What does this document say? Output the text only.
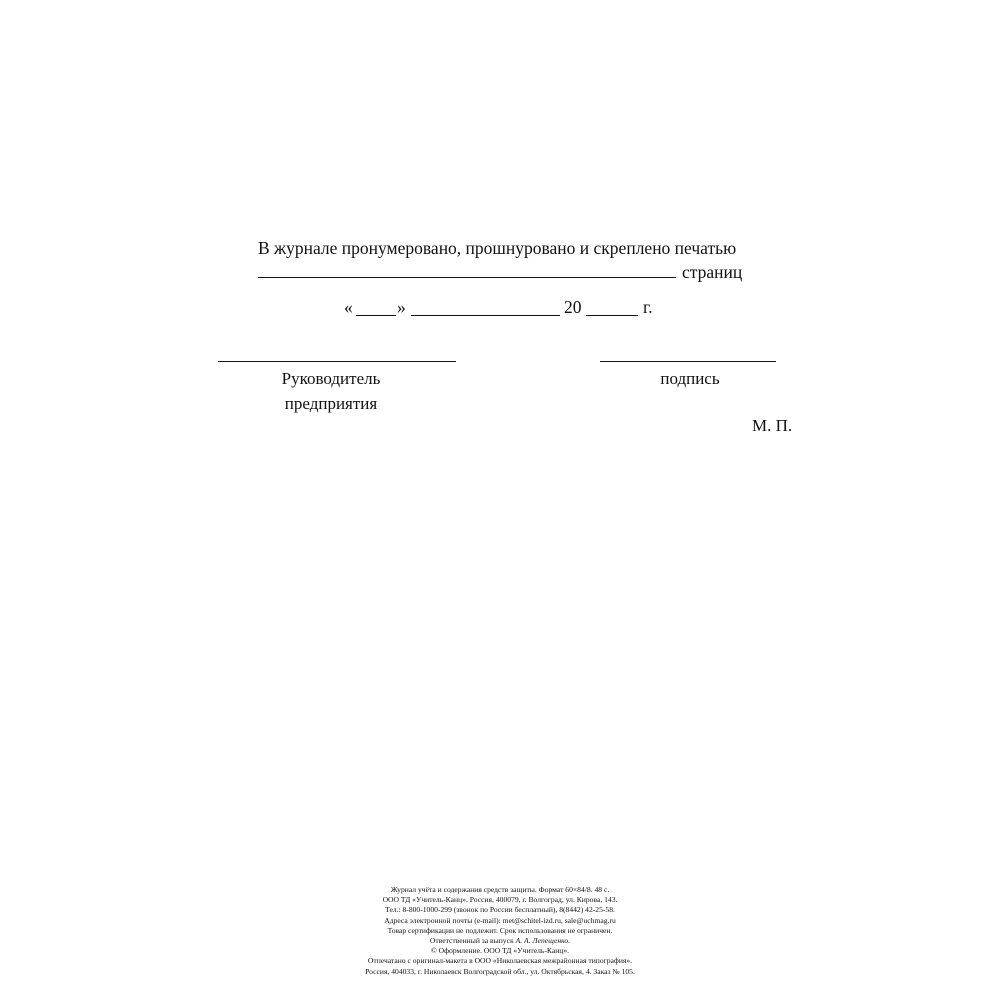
В журнале пронумеровано, прошнуровано и скреплено печатью
страниц
«	»	20	г.
Руководитель
предприятия
подпись
М. П.
Журнал учёта и содержания средств защиты. Формат 60×84/8. 48 с.
ООО ТД «Учитель-Канц». Россия, 400079, г. Волгоград, ул. Кирова, 143.
Тел.: 8-800-1000-299 (звонок по России бесплатный), 8(8442) 42-25-58.
Адреса электронной почты (e-mail): met@schitel-izd.ru, sale@uchmag.ru
Товар сертификации не подлежит. Срок использования не ограничен.
Ответственный за выпуск А. А. Лепещенко.
© Оформление. ООО ТД «Учитель-Канц».
Отпечатано с оригинал-макета в ООО «Николаевская межрайонная типография».
Россия, 404033, г. Николаевск Волгоградской обл., ул. Октябрьская, 4. Заказ № 105.
